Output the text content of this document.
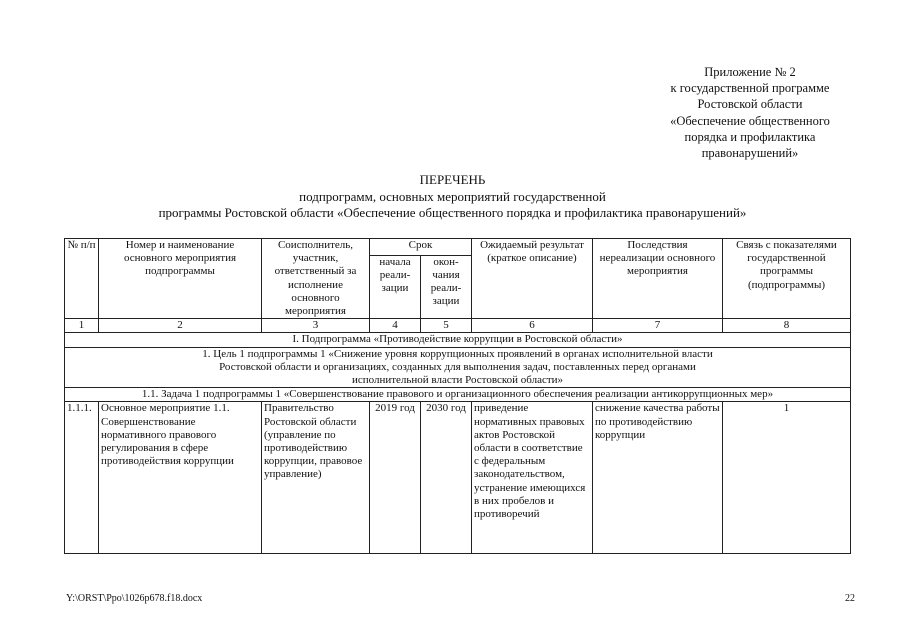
Приложение № 2
к государственной программе
Ростовской области
«Обеспечение общественного
порядка и профилактика
правонарушений»
ПЕРЕЧЕНЬ
подпрограмм, основных мероприятий государственной
программы Ростовской области «Обеспечение общественного порядка и профилактика правонарушений»
№ п/п	Номер и наименование основного мероприятия подпрограммы	Соисполнитель, участник, ответственный за исполнение основного мероприятия	Срок		Ожидаемый результат (краткое описание)	Последствия нереализации основного мероприятия	Связь с показателями государственной программы (подпрограммы)
			начала реали-зации	окон-чания реали-зации			
1	2	3	4	5	6	7	8
I. Подпрограмма «Противодействие коррупции в Ростовской области»							

1. Цель 1 подпрограммы 1 «Снижение уровня коррупционных проявлений в органах исполнительной власти
Ростовской области и организациях, созданных для выполнения задач, поставленных перед органами
исполнительной власти Ростовской области»							

1.1. Задача 1 подпрограммы 1 «Совершенствование правового и организационного обеспечения реализации антикоррупционных мер»							
1.1.1.	Основное мероприятие 1.1. Совершенствование нормативного правового регулирования в сфере противодействия коррупции	Правительство Ростовской области (управление по противодействию коррупции, правовое управление)	2019 год	2030 год	приведение нормативных правовых актов Ростовской области в соответствие с федеральным законодательством, устранение имеющихся в них пробелов и противоречий	снижение качества работы по противодействию коррупции	1
Y:\ORST\Ppo\1026p678.f18.docx	22
